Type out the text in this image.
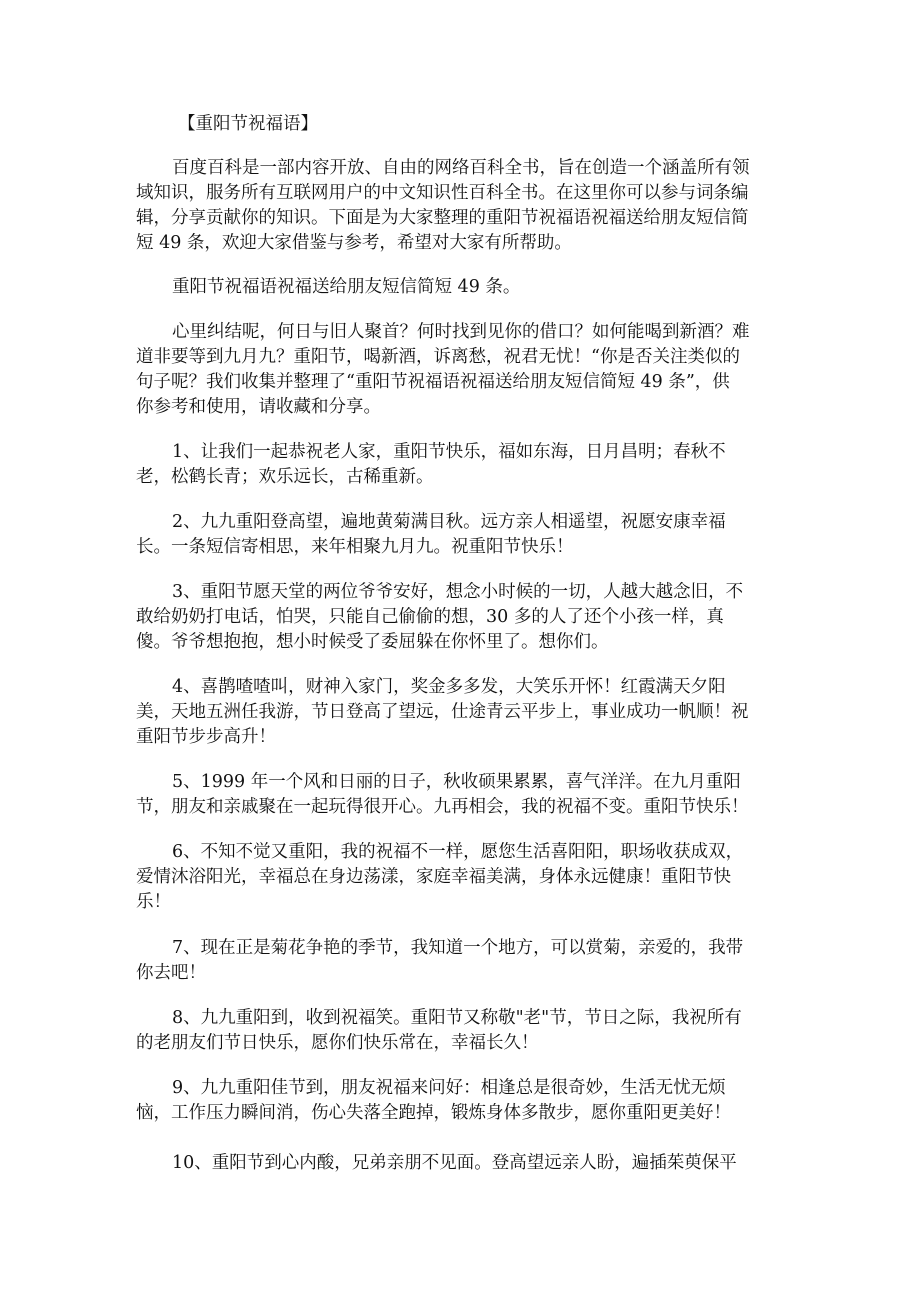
【重阳节祝福语】
百度百科是一部内容开放、自由的网络百科全书，旨在创造一个涵盖所有领
域知识，服务所有互联网用户的中文知识性百科全书。在这里你可以参与词条编
辑，分享贡献你的知识。下面是为大家整理的重阳节祝福语祝福送给朋友短信简
短 49 条，欢迎大家借鉴与参考，希望对大家有所帮助。
重阳节祝福语祝福送给朋友短信简短 49 条。
心里纠结呢，何日与旧人聚首？何时找到见你的借口？如何能喝到新酒？难
道非要等到九月九？重阳节，喝新酒，诉离愁，祝君无忧！“你是否关注类似的
句子呢？我们收集并整理了“重阳节祝福语祝福送给朋友短信简短 49 条”，供
你参考和使用，请收藏和分享。
1、让我们一起恭祝老人家，重阳节快乐，福如东海，日月昌明；春秋不
老，松鹤长青；欢乐远长，古稀重新。
2、九九重阳登高望，遍地黄菊满目秋。远方亲人相遥望，祝愿安康幸福
长。一条短信寄相思，来年相聚九月九。祝重阳节快乐！
3、重阳节愿天堂的两位爷爷安好，想念小时候的一切，人越大越念旧，不
敢给奶奶打电话，怕哭，只能自己偷偷的想，30 多的人了还个小孩一样，真
傻。爷爷想抱抱，想小时候受了委屈躲在你怀里了。想你们。
4、喜鹊喳喳叫，财神入家门，奖金多多发，大笑乐开怀！红霞满天夕阳
美，天地五洲任我游，节日登高了望远，仕途青云平步上，事业成功一帆顺！祝
重阳节步步高升！
5、1999 年一个风和日丽的日子，秋收硕果累累，喜气洋洋。在九月重阳
节，朋友和亲戚聚在一起玩得很开心。九再相会，我的祝福不变。重阳节快乐！
6、不知不觉又重阳，我的祝福不一样，愿您生活喜阳阳，职场收获成双，
爱情沐浴阳光，幸福总在身边荡漾，家庭幸福美满，身体永远健康！重阳节快
乐！
7、现在正是菊花争艳的季节，我知道一个地方，可以赏菊，亲爱的，我带
你去吧！
8、九九重阳到，收到祝福笑。重阳节又称敬"老"节，节日之际，我祝所有
的老朋友们节日快乐，愿你们快乐常在，幸福长久！
9、九九重阳佳节到，朋友祝福来问好：相逢总是很奇妙，生活无忧无烦
恼，工作压力瞬间消，伤心失落全跑掉，锻炼身体多散步，愿你重阳更美好！
10、重阳节到心内酸，兄弟亲朋不见面。登高望远亲人盼，遍插茱萸保平
